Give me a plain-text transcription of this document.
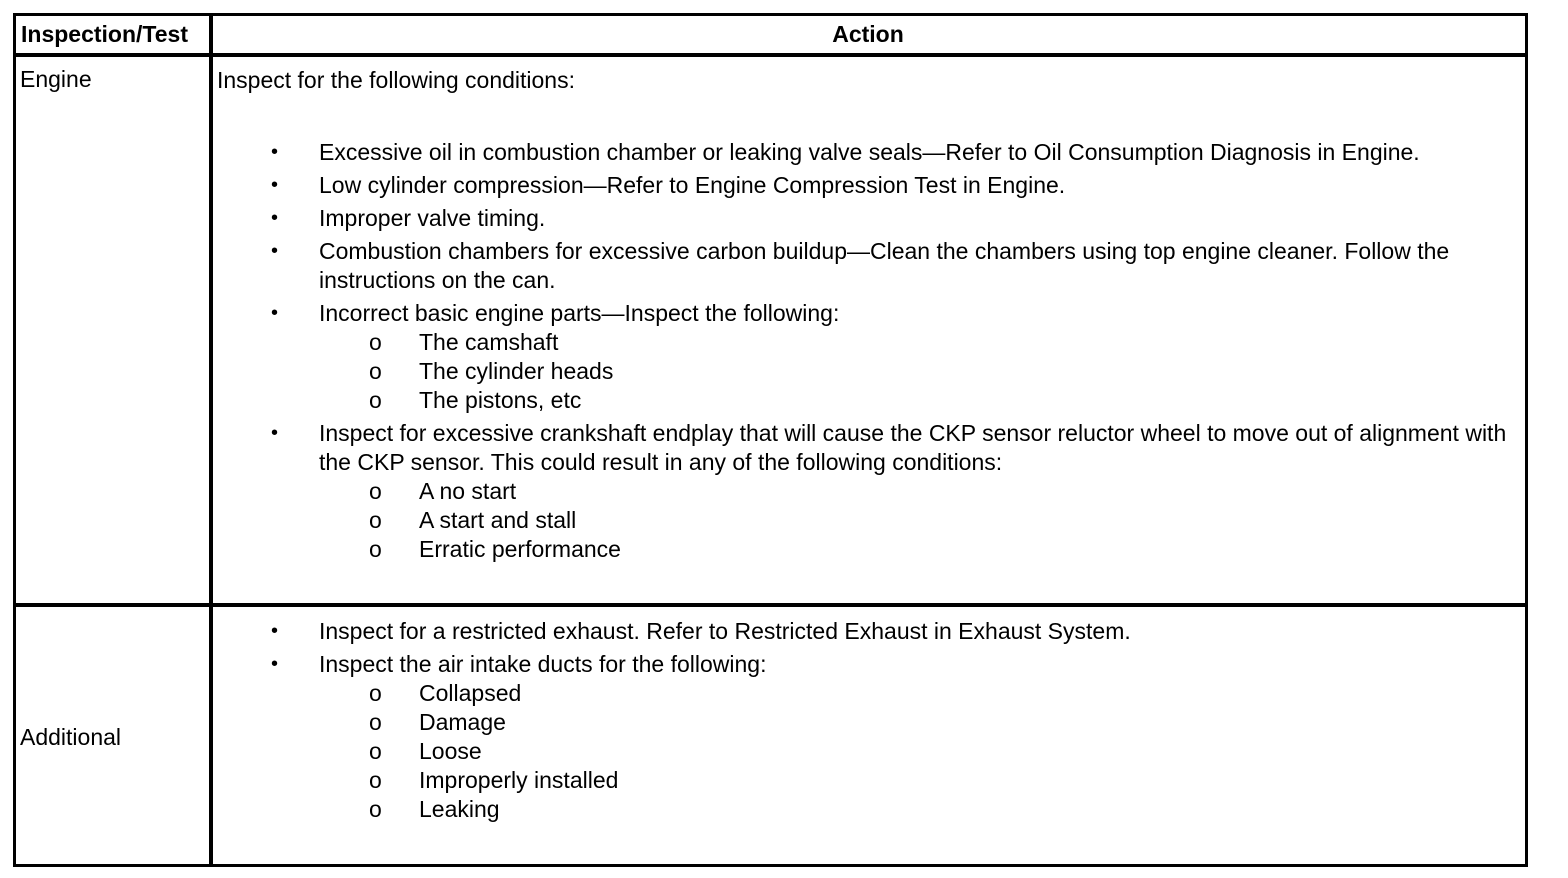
Inspection/Test	Action
Engine	Inspect for the following conditions:
• Excessive oil in combustion chamber or leaking valve seals—Refer to Oil Consumption Diagnosis in Engine.
• Low cylinder compression—Refer to Engine Compression Test in Engine.
• Improper valve timing.
• Combustion chambers for excessive carbon buildup—Clean the chambers using top engine cleaner. Follow the instructions on the can.
• Incorrect basic engine parts—Inspect the following:
o The camshaft
o The cylinder heads
o The pistons, etc
• Inspect for excessive crankshaft endplay that will cause the CKP sensor reluctor wheel to move out of alignment with the CKP sensor. This could result in any of the following conditions:
o A no start
o A start and stall
o Erratic performance
Additional
• Inspect for a restricted exhaust. Refer to Restricted Exhaust in Exhaust System.
• Inspect the air intake ducts for the following:
o Collapsed
o Damage
o Loose
o Improperly installed
o Leaking
